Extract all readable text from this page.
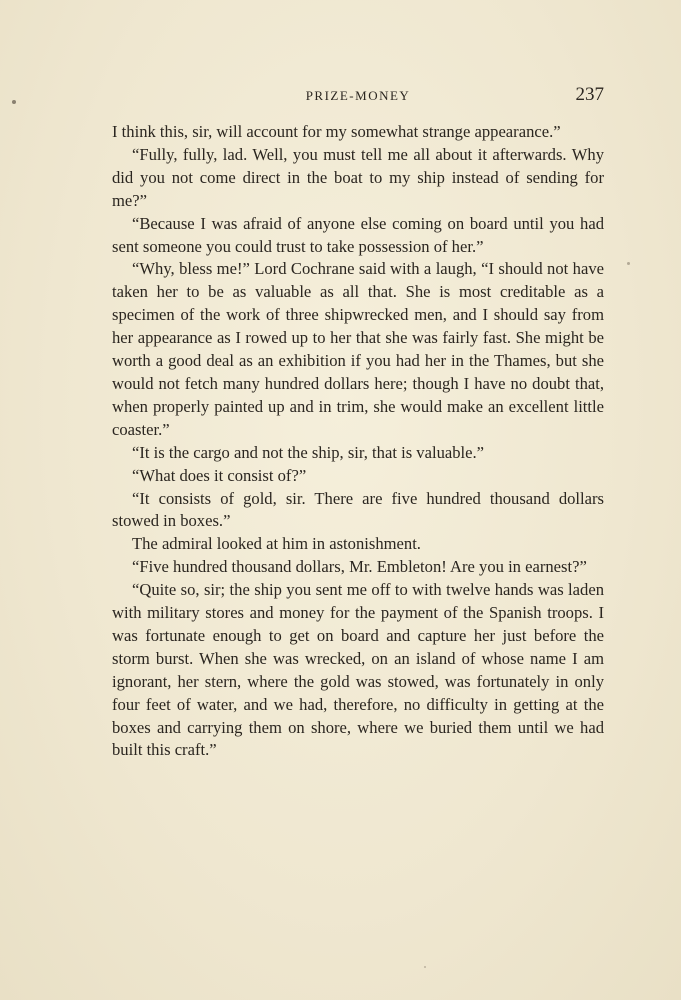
PRIZE-MONEY	237

I think this, sir, will account for my somewhat strange appearance.”

“Fully, fully, lad. Well, you must tell me all about it afterwards. Why did you not come direct in the boat to my ship instead of sending for me?”

“Because I was afraid of anyone else coming on board until you had sent someone you could trust to take possession of her.”

“Why, bless me!” Lord Cochrane said with a laugh, “I should not have taken her to be as valuable as all that. She is most creditable as a specimen of the work of three shipwrecked men, and I should say from her appearance as I rowed up to her that she was fairly fast. She might be worth a good deal as an exhibition if you had her in the Thames, but she would not fetch many hundred dollars here; though I have no doubt that, when properly painted up and in trim, she would make an excellent little coaster.”

“It is the cargo and not the ship, sir, that is valuable.”

“What does it consist of?”

“It consists of gold, sir. There are five hundred thousand dollars stowed in boxes.”

The admiral looked at him in astonishment.

“Five hundred thousand dollars, Mr. Embleton! Are you in earnest?”

“Quite so, sir; the ship you sent me off to with twelve hands was laden with military stores and money for the payment of the Spanish troops. I was fortunate enough to get on board and capture her just before the storm burst. When she was wrecked, on an island of whose name I am ignorant, her stern, where the gold was stowed, was fortunately in only four feet of water, and we had, therefore, no difficulty in getting at the boxes and carrying them on shore, where we buried them until we had built this craft.”
